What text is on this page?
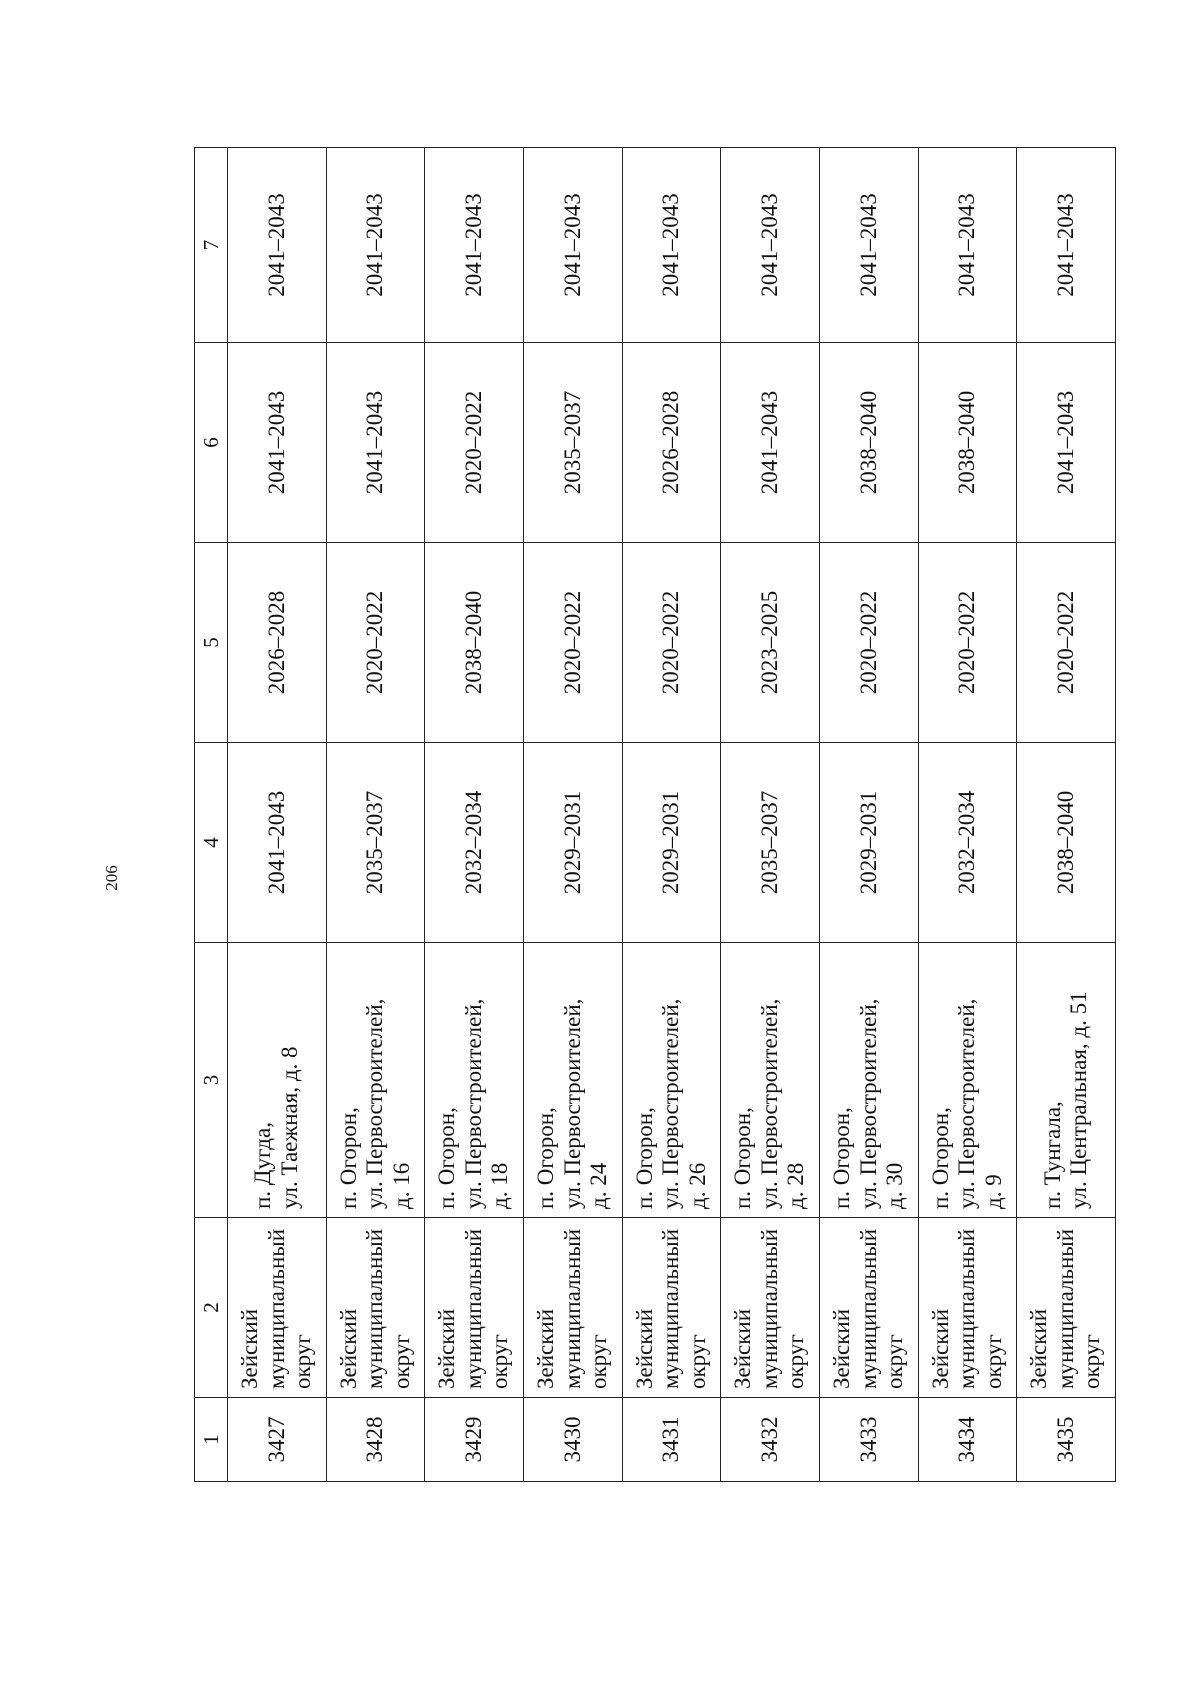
206
1	2	3	4	5	6	7
3427	Зейский муниципальный округ	п. Дугда, ул. Таежная, д. 8	2041–2043	2026–2028	2041–2043	2041–2043
3428	Зейский муниципальный округ	п. Огорон, ул. Первостроителей, д. 16	2035–2037	2020–2022	2041–2043	2041–2043
3429	Зейский муниципальный округ	п. Огорон, ул. Первостроителей, д. 18	2032–2034	2038–2040	2020–2022	2041–2043
3430	Зейский муниципальный округ	п. Огорон, ул. Первостроителей, д. 24	2029–2031	2020–2022	2035–2037	2041–2043
3431	Зейский муниципальный округ	п. Огорон, ул. Первостроителей, д. 26	2029–2031	2020–2022	2026–2028	2041–2043
3432	Зейский муниципальный округ	п. Огорон, ул. Первостроителей, д. 28	2035–2037	2023–2025	2041–2043	2041–2043
3433	Зейский муниципальный округ	п. Огорон, ул. Первостроителей, д. 30	2029–2031	2020–2022	2038–2040	2041–2043
3434	Зейский муниципальный округ	п. Огорон, ул. Первостроителей, д. 9	2032–2034	2020–2022	2038–2040	2041–2043
3435	Зейский муниципальный округ	п. Тунгала, ул. Центральная, д. 51	2038–2040	2020–2022	2041–2043	2041–2043
